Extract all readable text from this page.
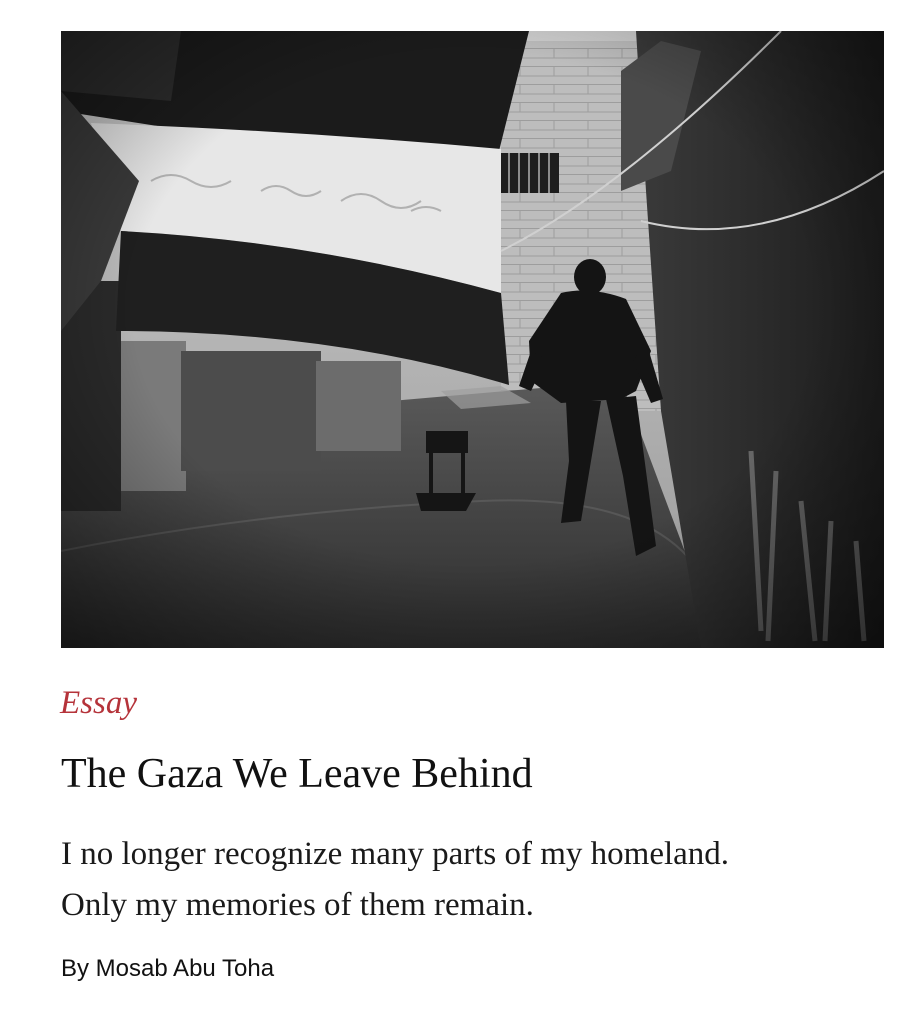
Essay
The Gaza We Leave Behind
I no longer recognize many parts of my homeland.
Only my memories of them remain.
By Mosab Abu Toha
